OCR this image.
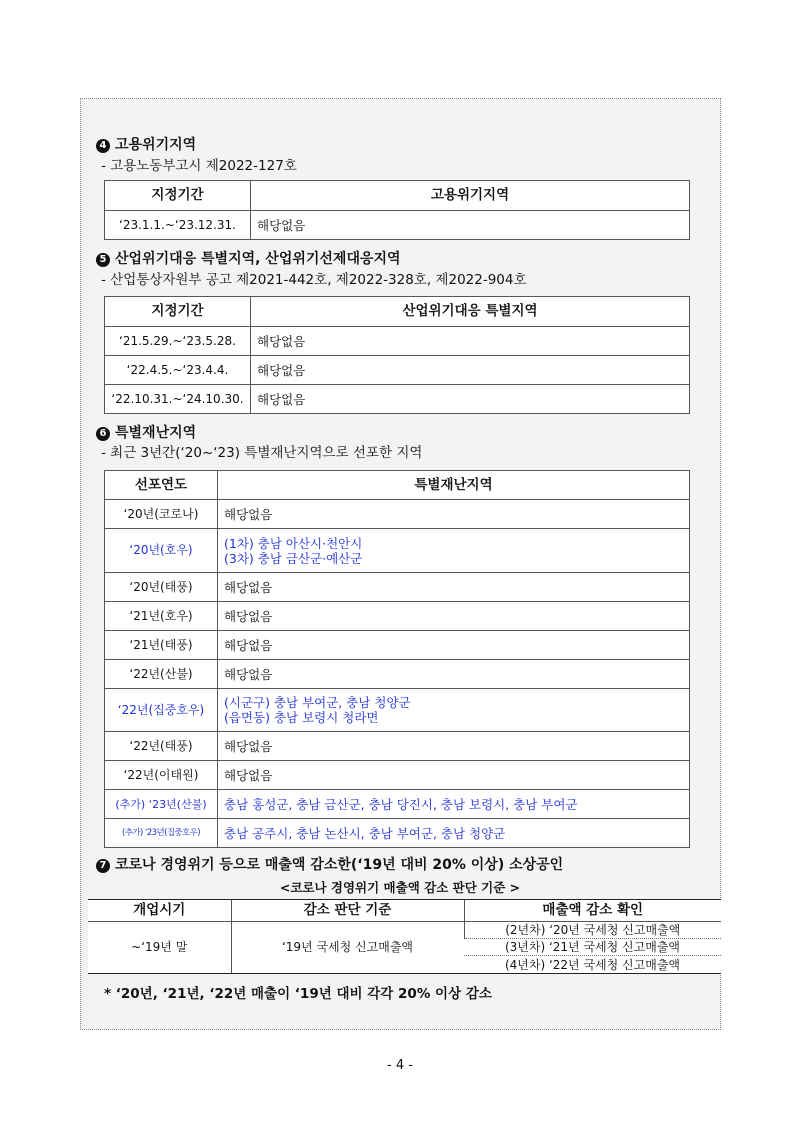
4 고용위기지역
- 고용노동부고시 제2022-127호
지정기간	고용위기지역
‘23.1.1.~‘23.12.31.	해당없음
5 산업위기대응 특별지역, 산업위기선제대응지역
- 산업통상자원부 공고 제2021-442호, 제2022-328호, 제2022-904호
지정기간	산업위기대응 특별지역
‘21.5.29.~‘23.5.28.	해당없음
‘22.4.5.~‘23.4.4.	해당없음
‘22.10.31.~‘24.10.30.	해당없음
6 특별재난지역
- 최근 3년간(‘20~‘23) 특별재난지역으로 선포한 지역
선포연도	특별재난지역
‘20년(코로나)	해당없음
‘20년(호우)	(1차) 충남 아산시·천안시
(3차) 충남 금산군·예산군

‘20년(태풍)	해당없음
‘21년(호우)	해당없음
‘21년(태풍)	해당없음
‘22년(산불)	해당없음
‘22년(집중호우)	(시군구) 충남 부여군, 충남 청양군
(읍면동) 충남 보령시 청라면

‘22년(태풍)	해당없음
‘22년(이태원)	해당없음
(추가) ‘23년(산불)	충남 홍성군, 충남 금산군, 충남 당진시, 충남 보령시, 충남 부여군
(추가) ‘23년(집중호우)	충남 공주시, 충남 논산시, 충남 부여군, 충남 청양군
7 코로나 경영위기 등으로 매출액 감소한(‘19년 대비 20% 이상) 소상공인
<코로나 경영위기 매출액 감소 판단 기준 >
개업시기	감소 판단 기준	매출액 감소 확인
~‘19년 말	‘19년 국세청 신고매출액	(2년차) ‘20년 국세청 신고매출액
		(3년차) ‘21년 국세청 신고매출액
		(4년차) ‘22년 국세청 신고매출액
* ‘20년, ‘21년, ‘22년 매출이 ‘19년 대비 각각 20% 이상 감소
- 4 -
